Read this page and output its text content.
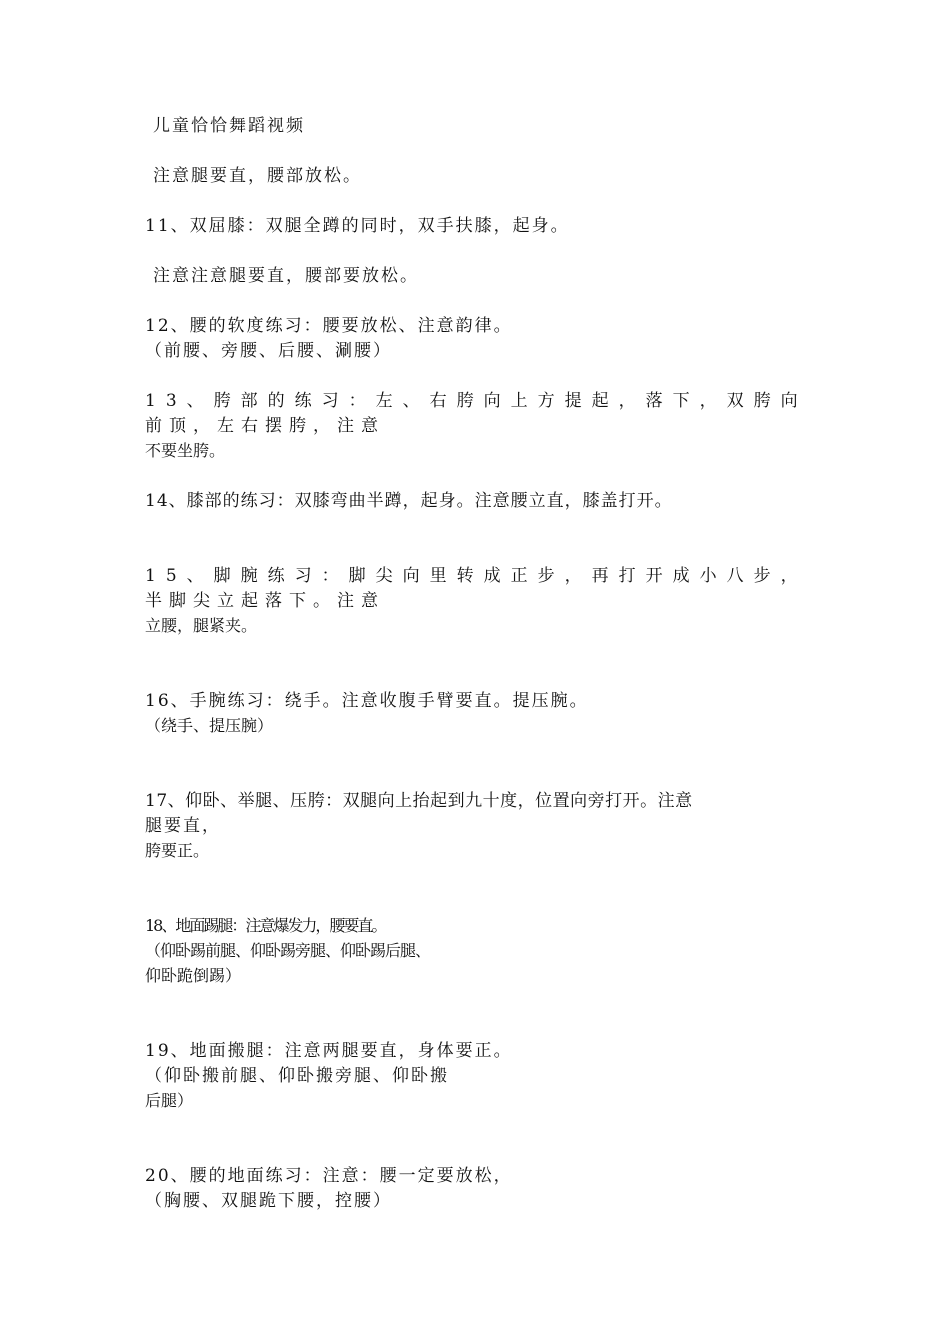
儿童恰恰舞蹈视频
注意腿要直，腰部放松。
11、双屈膝：双腿全蹲的同时，双手扶膝，起身。
注意注意腿要直，腰部要放松。
12、腰的软度练习：腰要放松、注意韵律。
（前腰、旁腰、后腰、涮腰）
13、胯部的练习：左、右胯向上方提起，落下，双胯向
前顶，左右摆胯，注意
不要坐胯。
14、膝部的练习：双膝弯曲半蹲，起身。注意腰立直，膝盖打开。
15、脚腕练习：脚尖向里转成正步，再打开成小八步，
半脚尖立起落下。注意
立腰，腿紧夹。
16、手腕练习：绕手。注意收腹手臂要直。提压腕。
（绕手、提压腕）
17、仰卧、举腿、压胯：双腿向上抬起到九十度，位置向旁打开。注意
腿要直，
胯要正。
18、地面踢腿：注意爆发力，腰要直。
（仰卧踢前腿、仰卧踢旁腿、仰卧踢后腿、
仰卧跪倒踢）
19、地面搬腿：注意两腿要直，身体要正。
（仰卧搬前腿、仰卧搬旁腿、仰卧搬
后腿）
20、腰的地面练习：注意：腰一定要放松，
（胸腰、双腿跪下腰，控腰）
